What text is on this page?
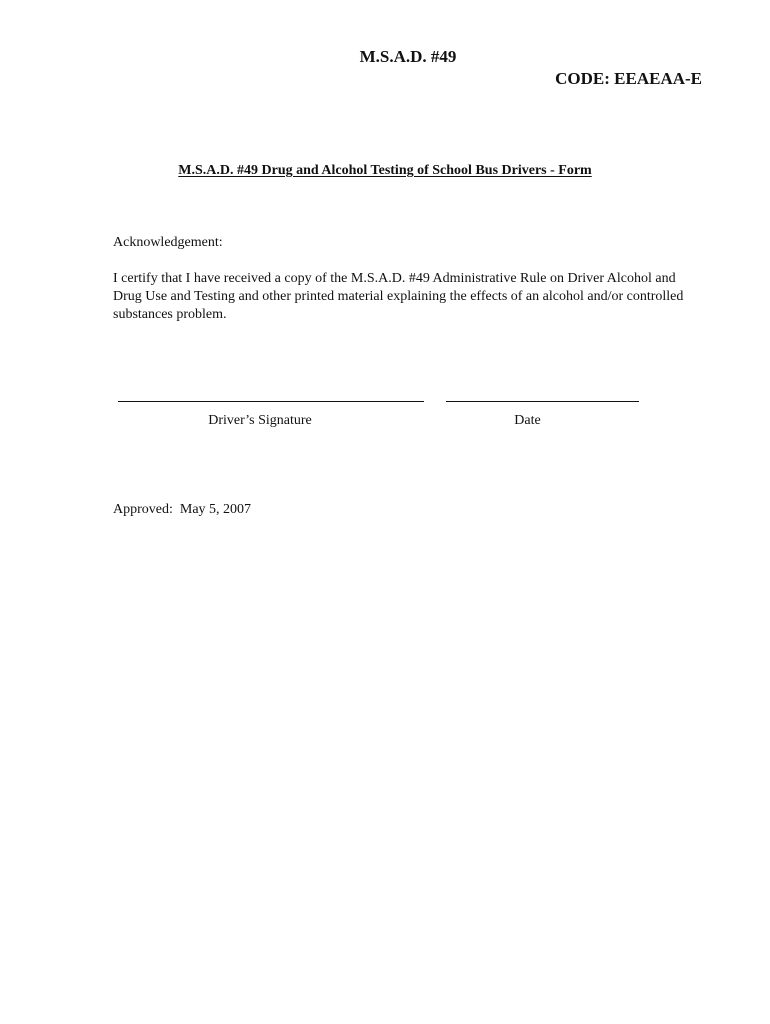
M.S.A.D. #49
CODE: EEAEAA-E
M.S.A.D. #49 Drug and Alcohol Testing of School Bus Drivers - Form
Acknowledgement:

I certify that I have received a copy of the M.S.A.D. #49 Administrative Rule on Driver Alcohol and Drug Use and Testing and other printed material explaining the effects of an alcohol and/or controlled substances problem.

Driver’s Signature	Date
Approved:  May 5, 2007
